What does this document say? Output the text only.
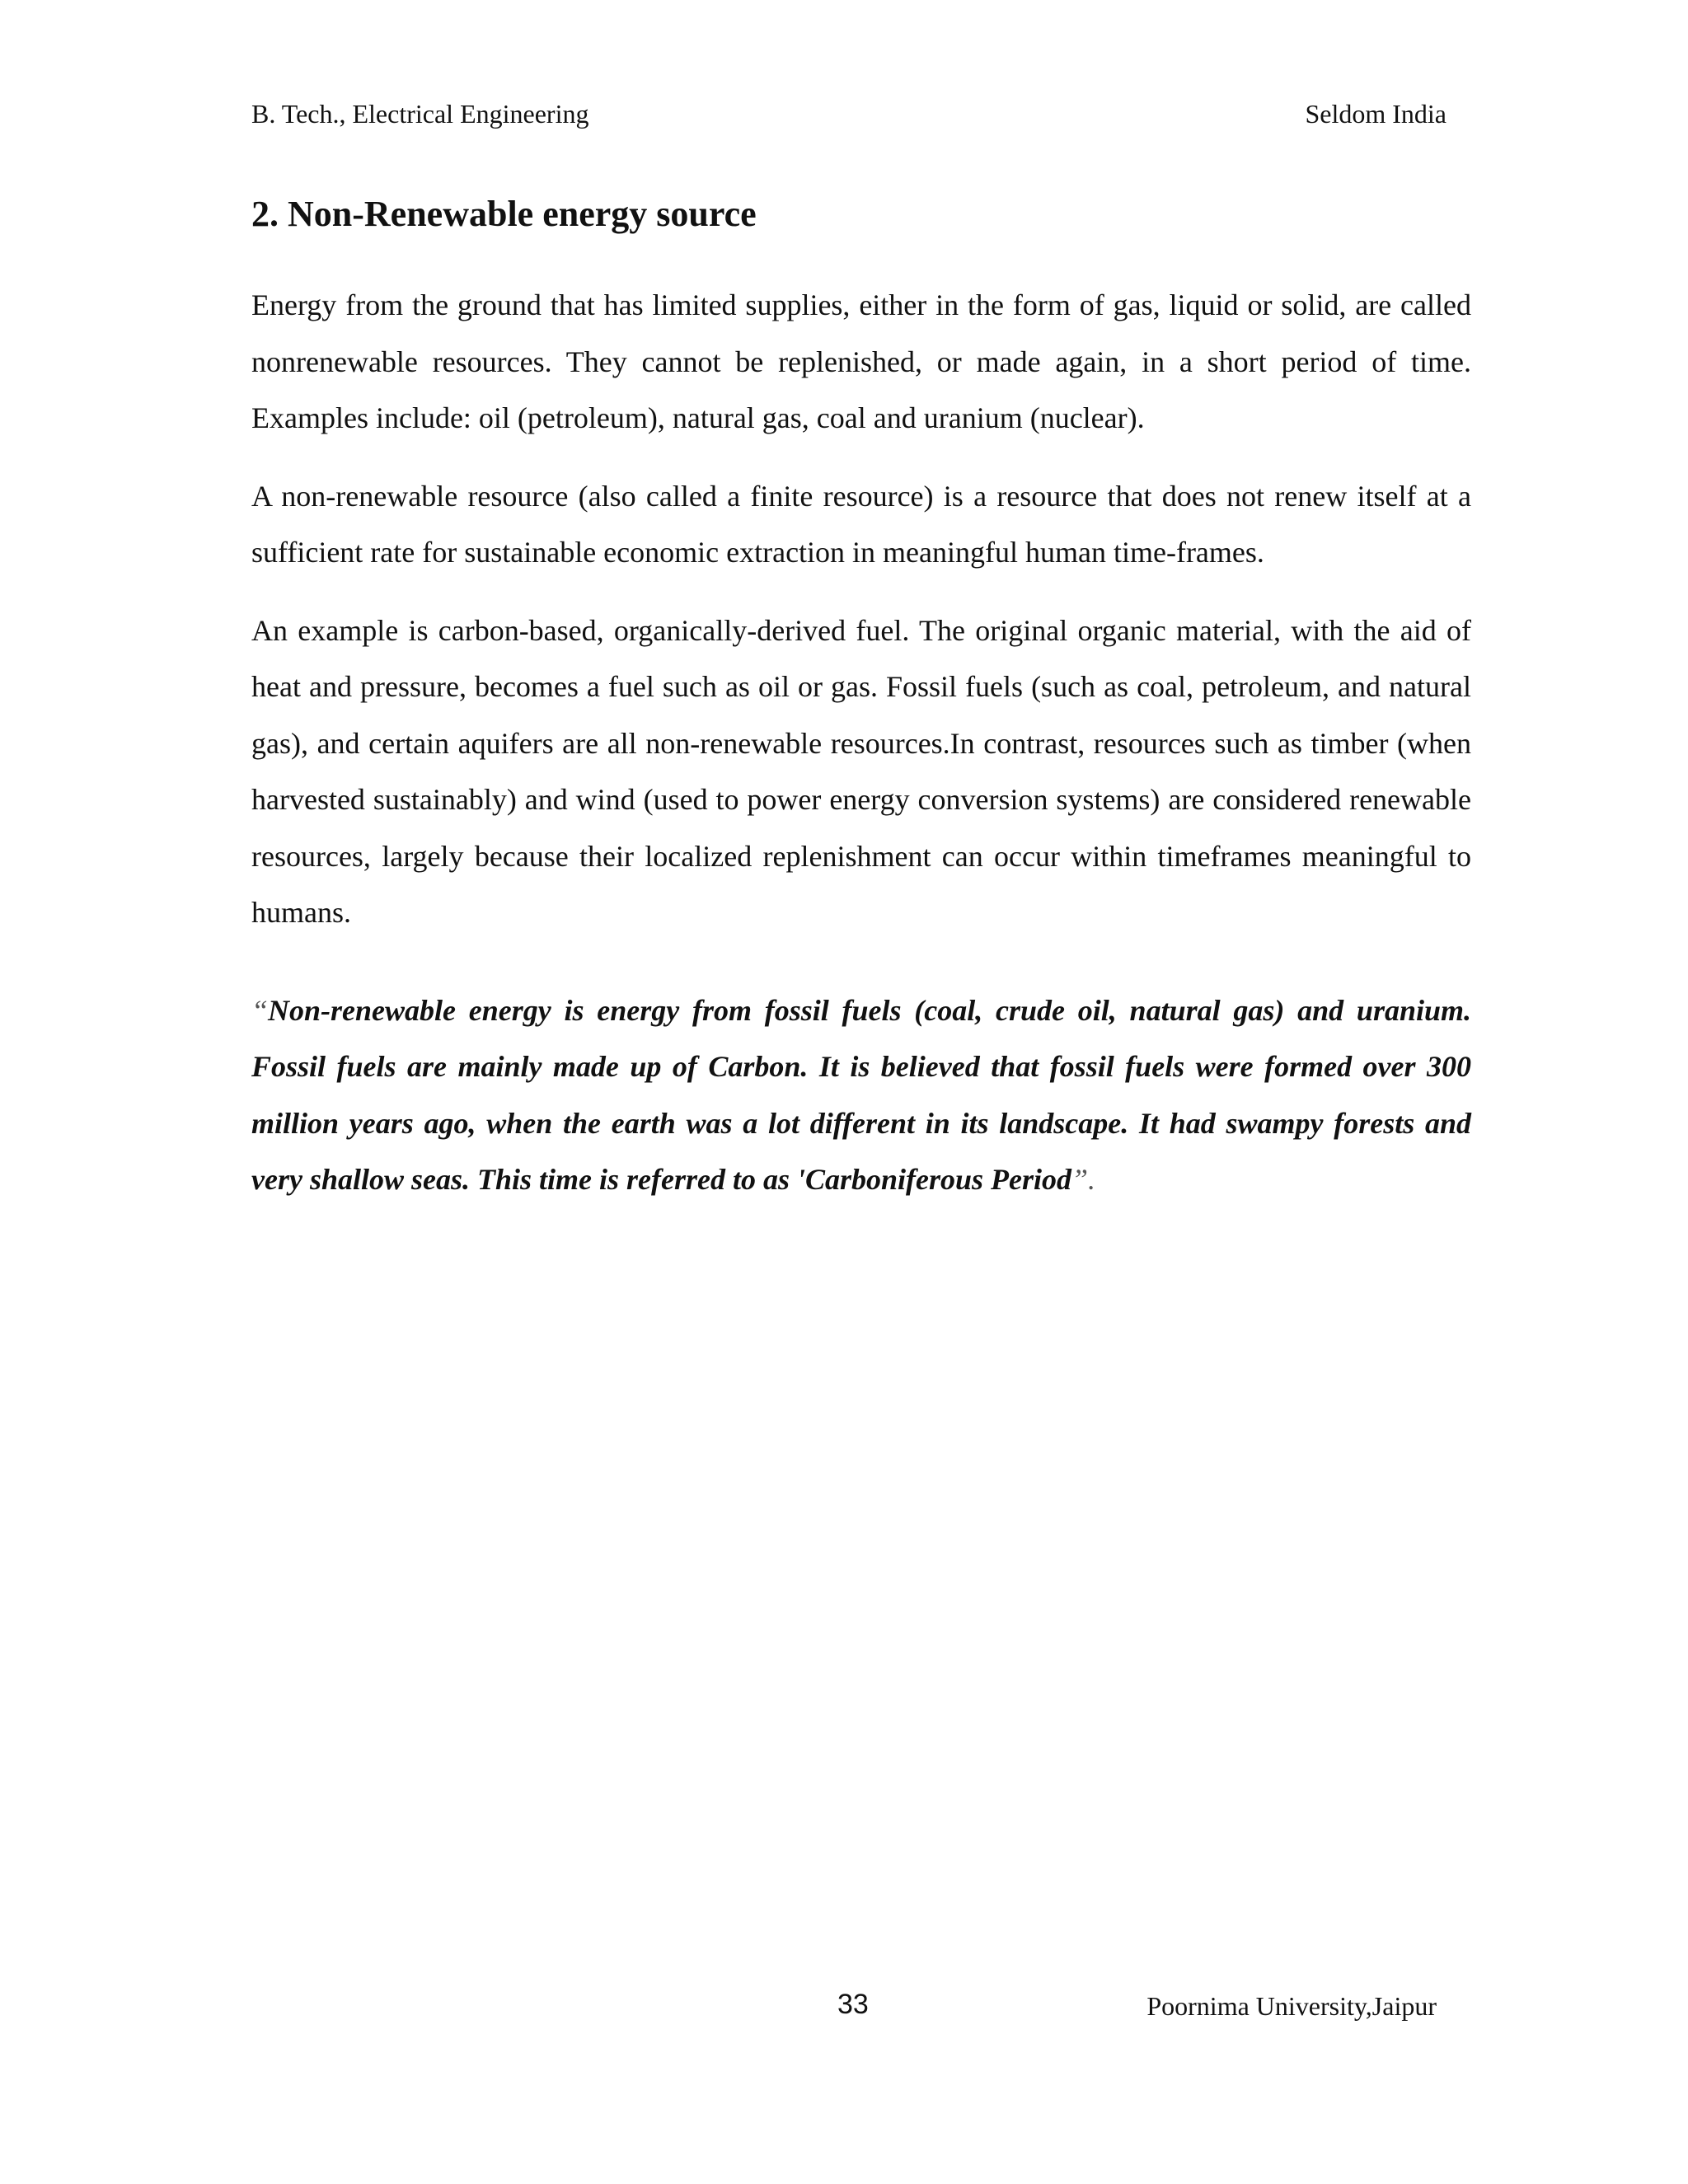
B. Tech., Electrical Engineering	Seldom India
2. Non-Renewable energy source

Energy from the ground that has limited supplies, either in the form of gas, liquid or solid, are called nonrenewable resources. They cannot be replenished, or made again, in a short period of time. Examples include: oil (petroleum), natural gas, coal and uranium (nuclear).

A non-renewable resource (also called a finite resource) is a resource that does not renew itself at a sufficient rate for sustainable economic extraction in meaningful human time-frames.

An example is carbon-based, organically-derived fuel. The original organic material, with the aid of heat and pressure, becomes a fuel such as oil or gas. Fossil fuels (such as coal, petroleum, and natural gas), and certain aquifers are all non-renewable resources.In contrast, resources such as timber (when harvested sustainably) and wind (used to power energy conversion systems) are considered renewable resources, largely because their localized replenishment can occur within timeframes meaningful to humans.

“Non-renewable energy is energy from fossil fuels (coal, crude oil, natural gas) and uranium. Fossil fuels are mainly made up of Carbon. It is believed that fossil fuels were formed over 300 million years ago, when the earth was a lot different in its landscape. It had swampy forests and very shallow seas. This time is referred to as 'Carboniferous Period”.

33	Poornima University,Jaipur
